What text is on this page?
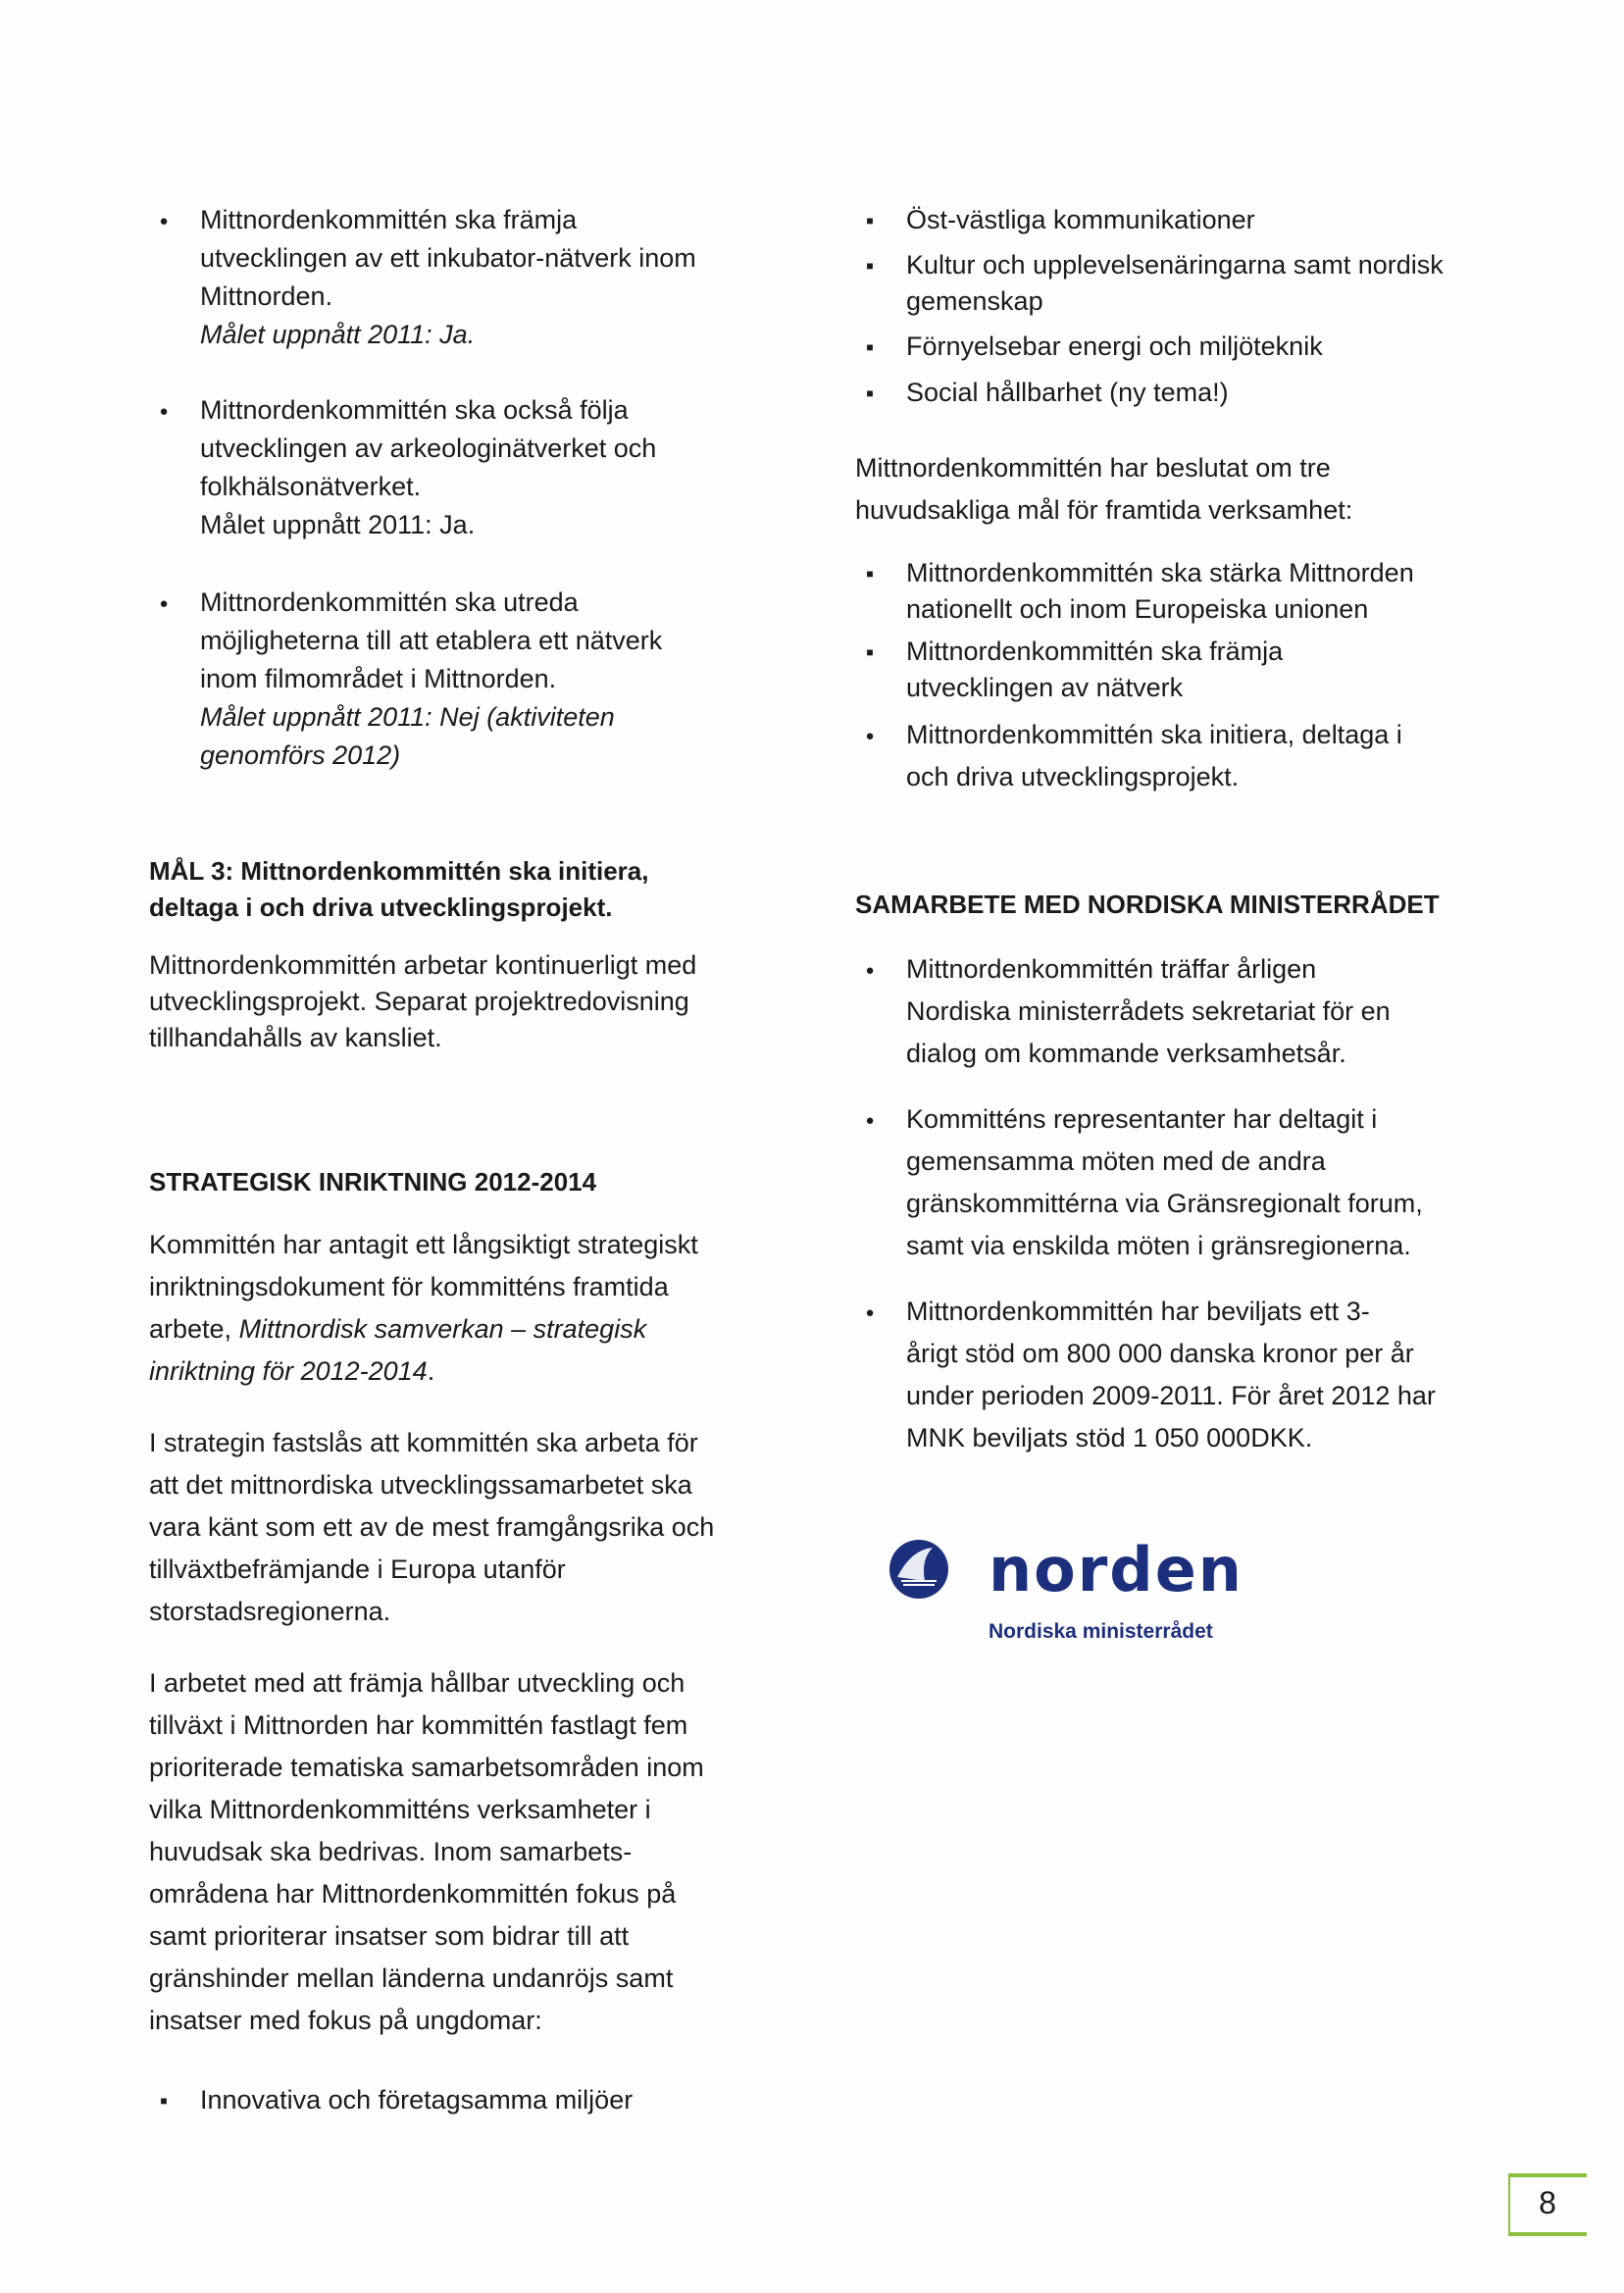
●
Mittnordenkommittén ska främja
utvecklingen av ett inkubator-nätverk inom
Mittnorden.
Målet uppnått 2011: Ja.
●
Mittnordenkommittén ska också följa
utvecklingen av arkeologinätverket och
folkhälsonätverket.
Målet uppnått 2011: Ja.
●
Mittnordenkommittén ska utreda
möjligheterna till att etablera ett nätverk
inom filmområdet i Mittnorden.
Målet uppnått 2011: Nej (aktiviteten
genomförs 2012)
MÅL 3: Mittnordenkommittén ska initiera,
deltaga i och driva utvecklingsprojekt.
Mittnordenkommittén arbetar kontinuerligt med
utvecklingsprojekt. Separat projektredovisning
tillhandahålls av kansliet.
STRATEGISK INRIKTNING 2012-2014
Kommittén har antagit ett långsiktigt strategiskt
inriktningsdokument för kommitténs framtida
arbete, Mittnordisk samverkan – strategisk
inriktning för 2012-2014.
I strategin fastslås att kommittén ska arbeta för
att det mittnordiska utvecklingssamarbetet ska
vara känt som ett av de mest framgångsrika och
tillväxtbefrämjande i Europa utanför
storstadsregionerna.
I arbetet med att främja hållbar utveckling och
tillväxt i Mittnorden har kommittén fastlagt fem
prioriterade tematiska samarbetsområden inom
vilka Mittnordenkommitténs verksamheter i
huvudsak ska bedrivas. Inom samarbets-
områdena har Mittnordenkommittén fokus på
samt prioriterar insatser som bidrar till att
gränshinder mellan länderna undanröjs samt
insatser med fokus på ungdomar:
■
Innovativa och företagsamma miljöer
■
Öst-västliga kommunikationer
■
Kultur och upplevelsenäringarna samt nordisk
gemenskap
■
Förnyelsebar energi och miljöteknik
■
Social hållbarhet (ny tema!)
Mittnordenkommittén har beslutat om tre
huvudsakliga mål för framtida verksamhet:
■
Mittnordenkommittén ska stärka Mittnorden
nationellt och inom Europeiska unionen
■
Mittnordenkommittén ska främja
utvecklingen av nätverk
●
Mittnordenkommittén ska initiera, deltaga i
och driva utvecklingsprojekt.
SAMARBETE MED NORDISKA MINISTERRÅDET
●
Mittnordenkommittén träffar årligen
Nordiska ministerrådets sekretariat för en
dialog om kommande verksamhetsår.
●
Kommitténs representanter har deltagit i
gemensamma möten med de andra
gränskommittérna via Gränsregionalt forum,
samt via enskilda möten i gränsregionerna.
●
Mittnordenkommittén har beviljats ett 3-
årigt stöd om 800 000 danska kronor per år
under perioden 2009-2011. För året 2012 har
MNK beviljats stöd 1 050 000DKK.
norden
Nordiska ministerrådet
8
